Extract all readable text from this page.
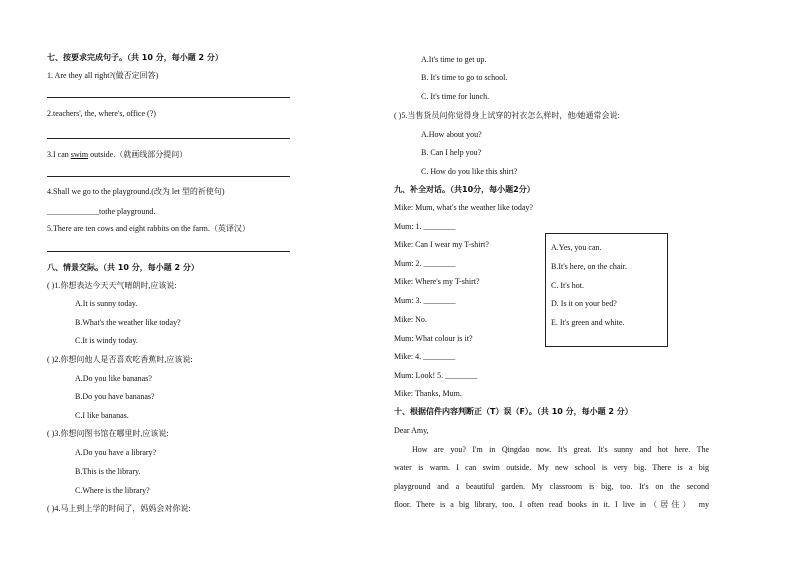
七、按要求完成句子。（共 10 分，每小题 2 分）
1. Are they all right?(做否定回答)
2.teachers', the, where's, office (?)
3.I can swim outside.（就画线部分提问）
4.Shall we go to the playground.(改为 let 型的祈使句)
_____________tothe playground.
5.There are ten cows and eight rabbits on the farm.（英译汉）
八、情景交际。（共 10 分，每小题 2 分）
( )1.你想表达今天天气晴朗时,应该说:
A.It is sunny today.
B.What's the weather like today?
C.It is windy today.
( )2.你想问他人是否喜欢吃香蕉时,应该说:
A.Do you like bananas?
B.Do you have bananas?
C.I like bananas.
( )3.你想问图书馆在哪里时,应该说:
A.Do you have a library?
B.This is the library.
C.Where is the library?
( )4.马上到上学的时间了，妈妈会对你说:
A.It's time to get up.
B. It's time to go to school.
C. It's time for lunch.
( )5.当售货员问你觉得身上试穿的衬衣怎么样时，他/她通常会说:
A.How about you?
B. Can I help you?
C. How do you like this shirt?
九、补全对话。（共10分，每小题2分）
Mike: Mum, what's the weather like today?
Mum: 1. ________
Mike: Can I wear my T-shirt?
Mum: 2. ________
Mike: Where's my T-shirt?
Mum: 3. ________
Mike: No.
Mum: What colour is it?
Mike: 4. ________
Mum: Look! 5. ________
Mike: Thanks, Mum.
A.Yes, you can.
B.It's here, on the chair.
C. It's hot.
D. Is it on your bed?
E. It's green and white.
十、根据信件内容判断正（T）误（F）。（共 10 分，每小题 2 分）
Dear Amy,
How are you? I'm in Qingdao now. It's great. It's sunny and hot here. The
water is warm. I can swim outside. My new school is very big. There is a big
playground and a beautiful garden. My classroom is big, too. It's on the second
floor. There is a big library, too. I often read books in it. I live in（居住） my
